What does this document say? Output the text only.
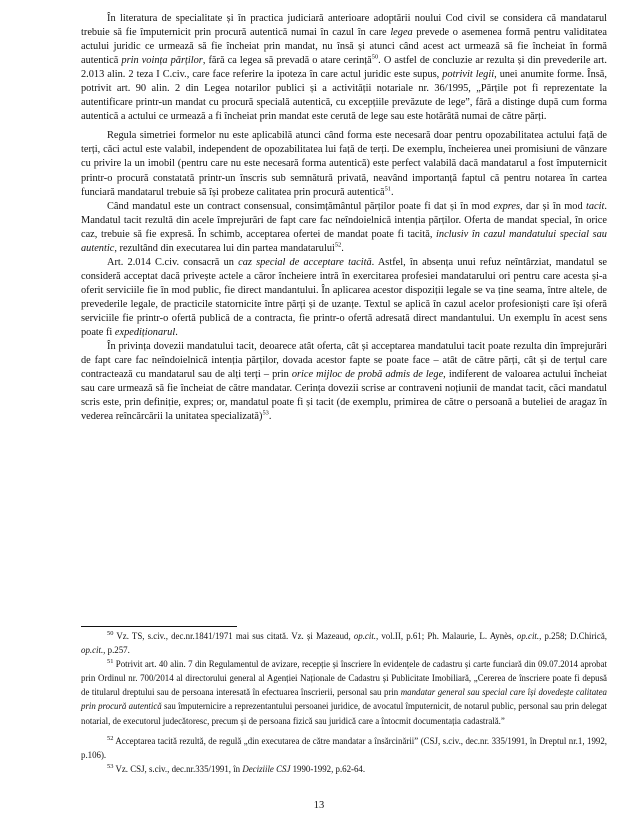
În literatura de specialitate și în practica judiciară anterioare adoptării noului Cod civil se considera că mandatarul trebuie să fie împuternicit prin procură autentică numai în cazul în care legea prevede o asemenea formă pentru validitatea actului juridic ce urmează să fie încheiat prin mandat, nu însă și atunci când acest act urmează să fie încheiat în formă autentică prin voința părților, fără ca legea să prevadă o atare cerință$^{50}$. O astfel de concluzie ar rezulta și din prevederile art. 2.013 alin. 2 teza I C.civ., care face referire la ipoteza în care actul juridic este supus, potrivit legii, unei anumite forme. Însă, potrivit art. 90 alin. 2 din Legea notarilor publici și a activității notariale nr. 36/1995, „Părțile pot fi reprezentate la autentificare printr-un mandat cu procură specială autentică, cu excepțiile prevăzute de lege”, fără a distinge după cum forma autentică a actului ce urmează a fi încheiat prin mandat este cerută de lege sau este hotărâtă numai de către părți.

Regula simetriei formelor nu este aplicabilă atunci când forma este necesară doar pentru opozabilitatea actului față de terți, căci actul este valabil, independent de opozabilitatea lui față de terți. De exemplu, încheierea unei promisiuni de vânzare cu privire la un imobil (pentru care nu este necesară forma autentică) este perfect valabilă dacă mandatarul a fost împuternicit printr-o procură constatată printr-un înscris sub semnătură privată, neavând importanță faptul că pentru notarea în cartea funciară mandatarul trebuie să își probeze calitatea prin procură autentică$^{51}$.

Când mandatul este un contract consensual, consimțământul părților poate fi dat și în mod expres, dar și în mod tacit. Mandatul tacit rezultă din acele împrejurări de fapt care fac neîndoielnică intenția părților. Oferta de mandat special, în orice caz, trebuie să fie expresă. În schimb, acceptarea ofertei de mandat poate fi tacită, inclusiv în cazul mandatului special sau autentic, rezultând din executarea lui din partea mandatarului$^{52}$.

Art. 2.014 C.civ. consacră un caz special de acceptare tacită. Astfel, în absența unui refuz neîntârziat, mandatul se consideră acceptat dacă privește actele a căror încheiere intră în exercitarea profesiei mandatarului ori pentru care acesta și-a oferit serviciile fie în mod public, fie direct mandantului. În aplicarea acestor dispoziții legale se va ține seama, între altele, de prevederile legale, de practicile statornicite între părți și de uzanțe. Textul se aplică în cazul acelor profesioniști care își oferă serviciile fie printr-o ofertă publică de a contracta, fie printr-o ofertă adresată direct mandantului. Un exemplu în acest sens poate fi expediționarul.

În privința dovezii mandatului tacit, deoarece atât oferta, cât și acceptarea mandatului tacit poate rezulta din împrejurări de fapt care fac neîndoielnică intenția părților, dovada acestor fapte se poate face – atât de către părți, cât și de terțul care contractează cu mandatarul sau de alți terți – prin orice mijloc de probă admis de lege, indiferent de valoarea actului încheiat sau care urmează să fie încheiat de către mandatar. Cerința dovezii scrise ar contraveni noțiunii de mandat tacit, căci mandatul scris este, prin definiție, expres; or, mandatul poate fi și tacit (de exemplu, primirea de către o persoană a buteliei de aragaz în vederea reîncărcării la unitatea specializată)$^{53}$.

$^{50}$ Vz. TS, s.civ., dec.nr.1841/1971 mai sus citată. Vz. și Mazeaud, op.cit., vol.II, p.61; Ph. Malaurie, L. Aynès, op.cit., p.258; D.Chirică, op.cit., p.257.

$^{51}$ Potrivit art. 40 alin. 7 din Regulamentul de avizare, recepție și înscriere în evidențele de cadastru și carte funciară din 09.07.2014 aprobat prin Ordinul nr. 700/2014 al directorului general al Agenției Naționale de Cadastru și Publicitate Imobiliară, „Cererea de înscriere poate fi depusă de titularul dreptului sau de persoana interesată în efectuarea înscrierii, personal sau prin mandatar general sau special care își dovedește calitatea prin procură autentică sau împuternicire a reprezentantului persoanei juridice, de avocatul împuternicit, de notarul public, personal sau prin delegat notarial, de executorul judecătoresc, precum și de persoana fizică sau juridică care a întocmit documentația cadastrală.”

$^{52}$ Acceptarea tacită rezultă, de regulă „din executarea de către mandatar a însărcinării” (CSJ, s.civ., dec.nr. 335/1991, în Dreptul nr.1, 1992, p.106).

$^{53}$ Vz. CSJ, s.civ., dec.nr.335/1991, în Deciziile CSJ 1990-1992, p.62-64.

13
